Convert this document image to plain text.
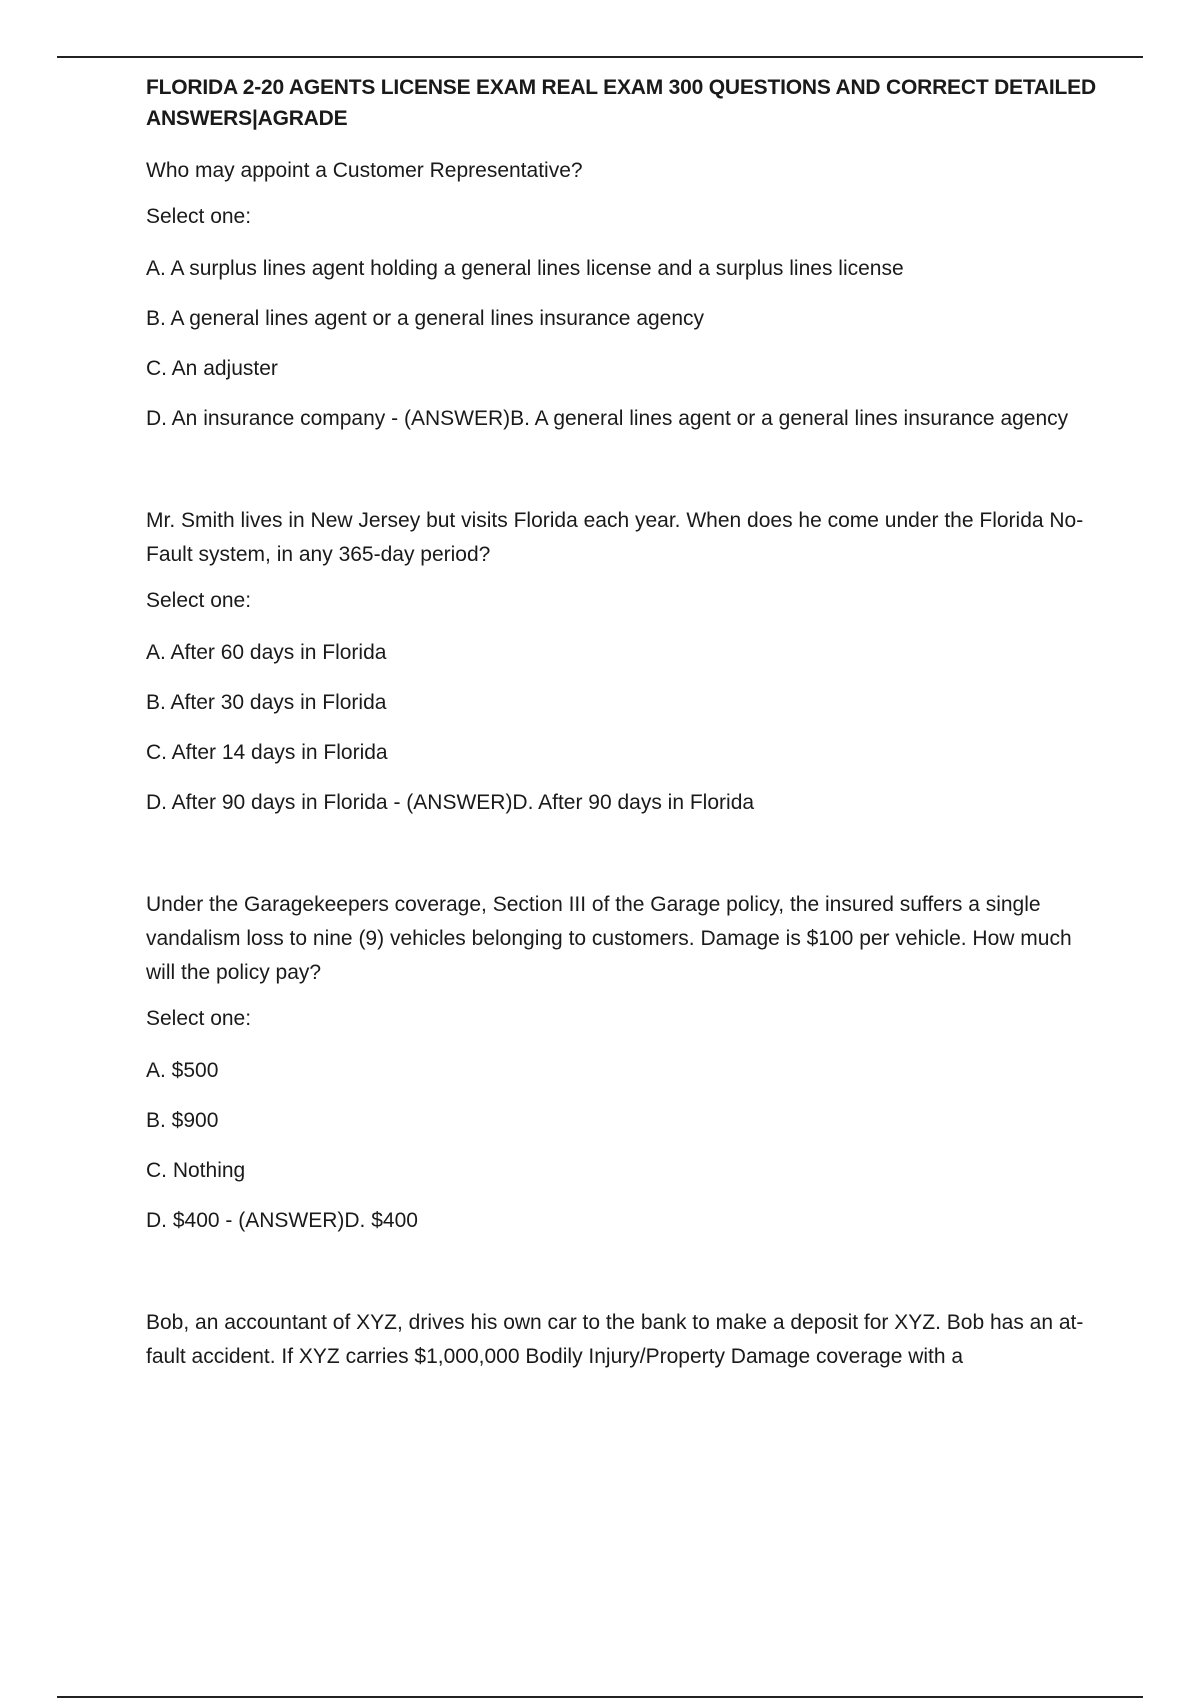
FLORIDA 2-20 AGENTS LICENSE EXAM REAL EXAM 300 QUESTIONS AND CORRECT DETAILED ANSWERS|AGRADE
Who may appoint a Customer Representative?
Select one:
A. A surplus lines agent holding a general lines license and a surplus lines license
B. A general lines agent or a general lines insurance agency
C. An adjuster
D. An insurance company - (ANSWER)B. A general lines agent or a general lines insurance agency
Mr. Smith lives in New Jersey but visits Florida each year. When does he come under the Florida No-Fault system, in any 365-day period?
Select one:
A. After 60 days in Florida
B. After 30 days in Florida
C. After 14 days in Florida
D. After 90 days in Florida - (ANSWER)D. After 90 days in Florida
Under the Garagekeepers coverage, Section III of the Garage policy, the insured suffers a single vandalism loss to nine (9) vehicles belonging to customers. Damage is $100 per vehicle. How much will the policy pay?
Select one:
A. $500
B. $900
C. Nothing
D. $400 - (ANSWER)D. $400
Bob, an accountant of XYZ, drives his own car to the bank to make a deposit for XYZ. Bob has an at-fault accident. If XYZ carries $1,000,000 Bodily Injury/Property Damage coverage with a
